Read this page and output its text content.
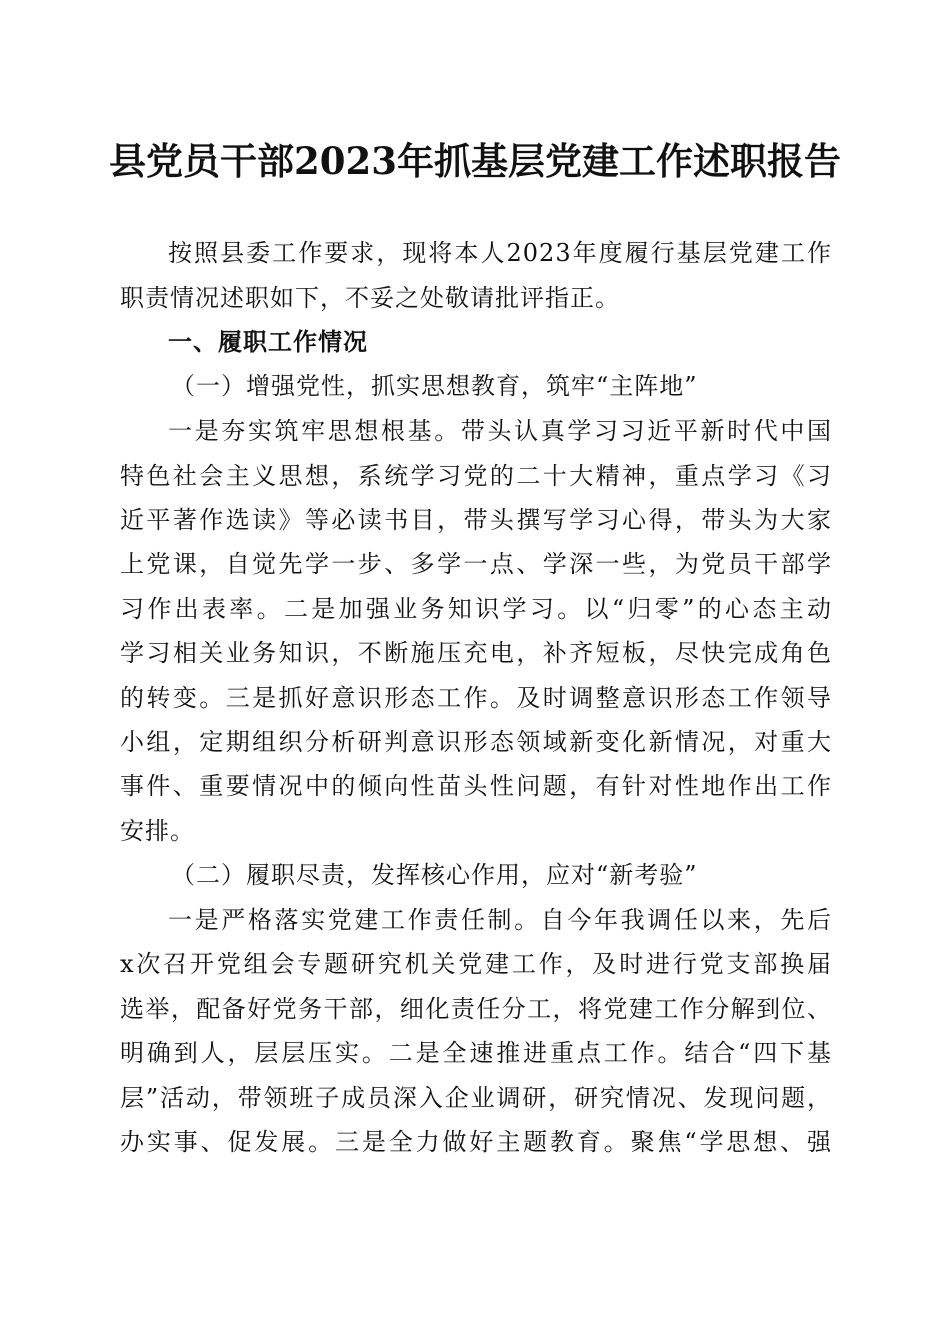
县党员干部2023年抓基层党建工作述职报告
按照县委工作要求，现将本人2023年度履行基层党建工作
职责情况述职如下，不妥之处敬请批评指正。
一、履职工作情况
（一）增强党性，抓实思想教育，筑牢“主阵地”
一是夯实筑牢思想根基。带头认真学习习近平新时代中国
特色社会主义思想，系统学习党的二十大精神，重点学习《习
近平著作选读》等必读书目，带头撰写学习心得，带头为大家
上党课，自觉先学一步、多学一点、学深一些，为党员干部学
习作出表率。二是加强业务知识学习。以“归零”的心态主动
学习相关业务知识，不断施压充电，补齐短板，尽快完成角色
的转变。三是抓好意识形态工作。及时调整意识形态工作领导
小组，定期组织分析研判意识形态领域新变化新情况，对重大
事件、重要情况中的倾向性苗头性问题，有针对性地作出工作
安排。
（二）履职尽责，发挥核心作用，应对“新考验”
一是严格落实党建工作责任制。自今年我调任以来，先后
x次召开党组会专题研究机关党建工作，及时进行党支部换届
选举，配备好党务干部，细化责任分工，将党建工作分解到位、
明确到人，层层压实。二是全速推进重点工作。结合“四下基
层”活动，带领班子成员深入企业调研，研究情况、发现问题，
办实事、促发展。三是全力做好主题教育。聚焦“学思想、强
